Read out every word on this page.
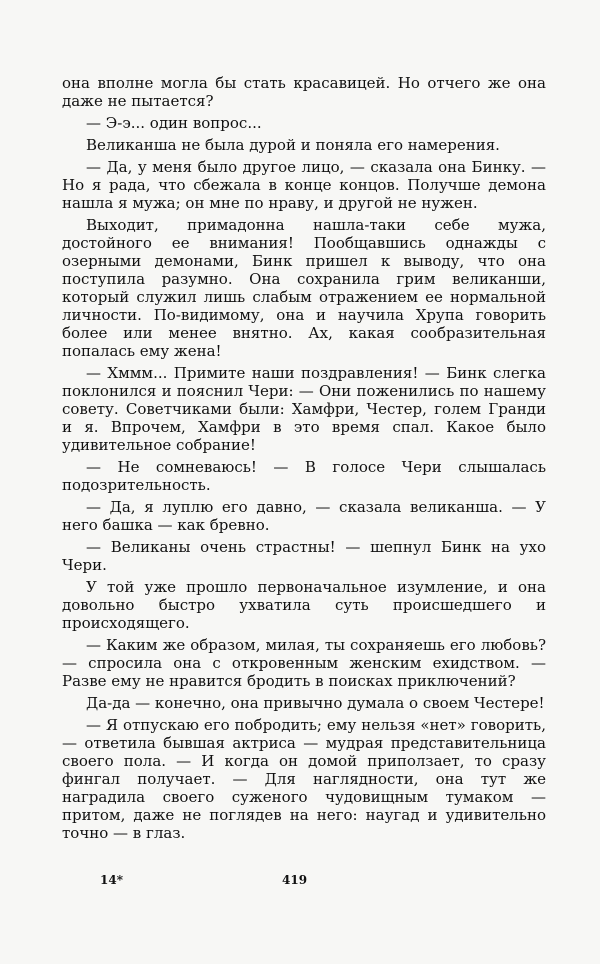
она вполне могла бы стать красавицей. Но отчего же она даже не пытается?

— Э-э... один вопрос...

Великанша не была дурой и поняла его намерения.

— Да, у меня было другое лицо, — сказала она Бинку. — Но я рада, что сбежала в конце концов. Получше демона нашла я мужа; он мне по нраву, и другой не нужен.

Выходит, примадонна нашла-таки себе мужа, достойного ее внимания! Пообщавшись однажды с озерными демонами, Бинк пришел к выводу, что она поступила разумно. Она сохранила грим великанши, который служил лишь слабым отражением ее нормальной личности. По-видимому, она и научила Хрупа говорить более или менее внятно. Ах, какая сообразительная попалась ему жена!

— Хммм... Примите наши поздравления! — Бинк слегка поклонился и пояснил Чери: — Они поженились по нашему совету. Советчиками были: Хамфри, Честер, голем Гранди и я. Впрочем, Хамфри в это время спал. Какое было удивительное собрание!

— Не сомневаюсь! — В голосе Чери слышалась подозрительность.

— Да, я луплю его давно, — сказала великанша. — У него башка — как бревно.

— Великаны очень страстны! — шепнул Бинк на ухо Чери.

У той уже прошло первоначальное изумление, и она довольно быстро ухватила суть происшедшего и происходящего.

— Каким же образом, милая, ты сохраняешь его любовь? — спросила она с откровенным женским ехидством. — Разве ему не нравится бродить в поисках приключений?

Да-да — конечно, она привычно думала о своем Честере!

— Я отпускаю его побродить; ему нельзя «нет» говорить, — ответила бывшая актриса — мудрая представительница своего пола. — И когда он домой приползает, то сразу фингал получает. — Для наглядности, она тут же наградила своего суженого чудовищным тумаком — притом, даже не поглядев на него: наугад и удивительно точно — в глаз.

14*	419
